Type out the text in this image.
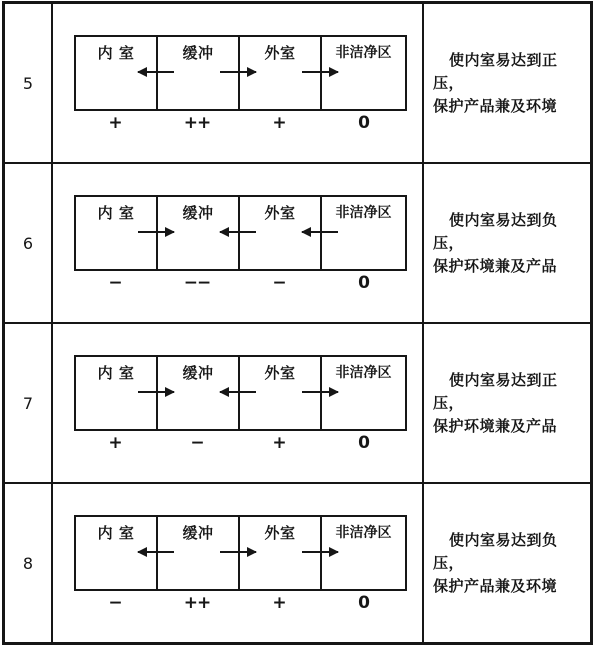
5
内 室	缓冲	外室	非洁净区
+	++	+	0
使内室易达到正压，
保护产品兼及环境
6
内 室	缓冲	外室	非洁净区
−	−−	−	0
使内室易达到负压，
保护环境兼及产品
7
内 室	缓冲	外室	非洁净区
+	−	+	0
使内室易达到正压，
保护环境兼及产品
8
内 室	缓冲	外室	非洁净区
−	++	+	0
使内室易达到负压，
保护产品兼及环境
